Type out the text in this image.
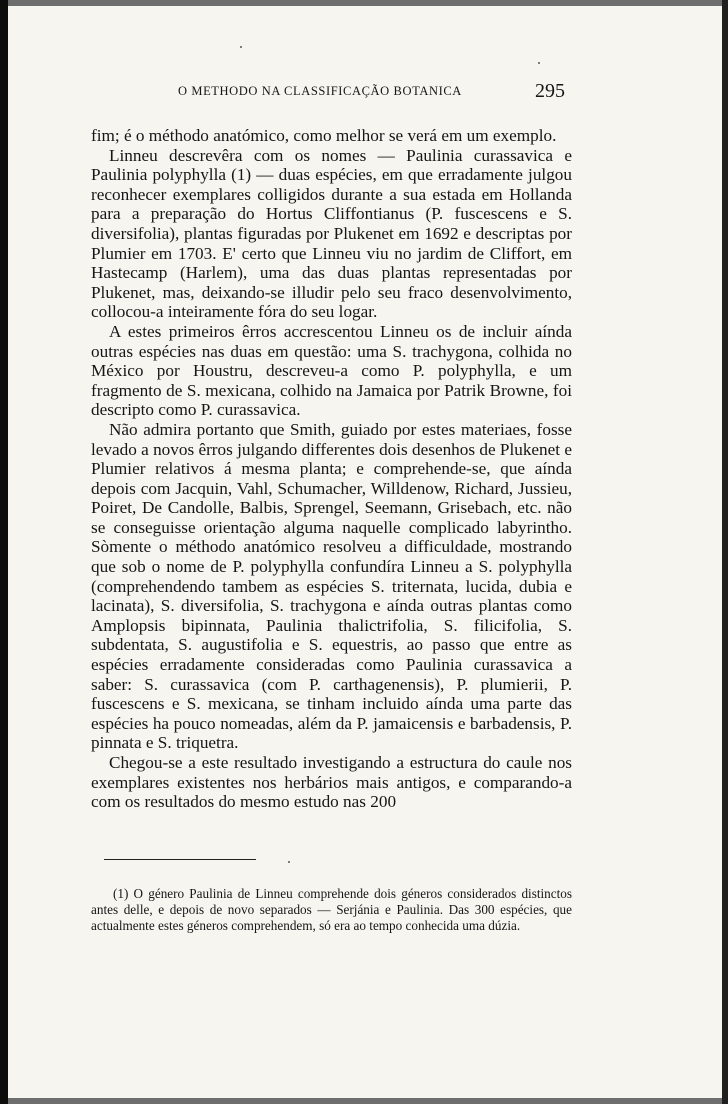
O METHODO NA CLASSIFICAÇÃO BOTANICA	295

fim; é o méthodo anatómico, como melhor se verá em um exemplo.

Linneu descrevêra com os nomes — Paulinia curassavica e Paulinia polyphylla (1) — duas espécies, em que erradamente julgou reconhecer exemplares colligidos durante a sua estada em Hollanda para a preparação do Hortus Cliffontianus (P. fuscescens e S. diversifolia), plantas figuradas por Plukenet em 1692 e descriptas por Plumier em 1703. E' certo que Linneu viu no jardim de Cliffort, em Hastecamp (Harlem), uma das duas plantas representadas por Plukenet, mas, deixando-se illudir pelo seu fraco desenvolvimento, collocou-a inteiramente fóra do seu logar.

A estes primeiros êrros accrescentou Linneu os de incluir aínda outras espécies nas duas em questão: uma S. trachygona, colhida no México por Houstru, descreveu-a como P. polyphylla, e um fragmento de S. mexicana, colhido na Jamaica por Patrik Browne, foi descripto como P. curassavica.

Não admira portanto que Smith, guiado por estes materiaes, fosse levado a novos êrros julgando differentes dois desenhos de Plukenet e Plumier relativos á mesma planta; e comprehende-se, que aínda depois com Jacquin, Vahl, Schumacher, Willdenow, Richard, Jussieu, Poiret, De Candolle, Balbis, Sprengel, Seemann, Grisebach, etc. não se conseguisse orientação alguma naquelle complicado labyrintho. Sòmente o méthodo anatómico resolveu a difficuldade, mostrando que sob o nome de P. polyphylla confundíra Linneu a S. polyphylla (comprehendendo tambem as espécies S. triternata, lucida, dubia e lacinata), S. diversifolia, S. trachygona e aínda outras plantas como Amplopsis bipinnata, Paulinia thalictrifolia, S. filicifolia, S. subdentata, S. augustifolia e S. equestris, ao passo que entre as espécies erradamente consideradas como Paulinia curassavica a saber: S. curassavica (com P. carthagenensis), P. plumierii, P. fuscescens e S. mexicana, se tinham incluido aínda uma parte das espécies ha pouco nomeadas, além da P. jamaicensis e barbadensis, P. pinnata e S. triquetra.

Chegou-se a este resultado investigando a estructura do caule nos exemplares existentes nos herbários mais antigos, e comparando-a com os resultados do mesmo estudo nas 200

(1) O género Paulinia de Linneu comprehende dois géneros considerados distinctos antes delle, e depois de novo separados — Serjánia e Paulinia. Das 300 espécies, que actualmente estes géneros comprehendem, só era ao tempo conhecida uma dúzia.
